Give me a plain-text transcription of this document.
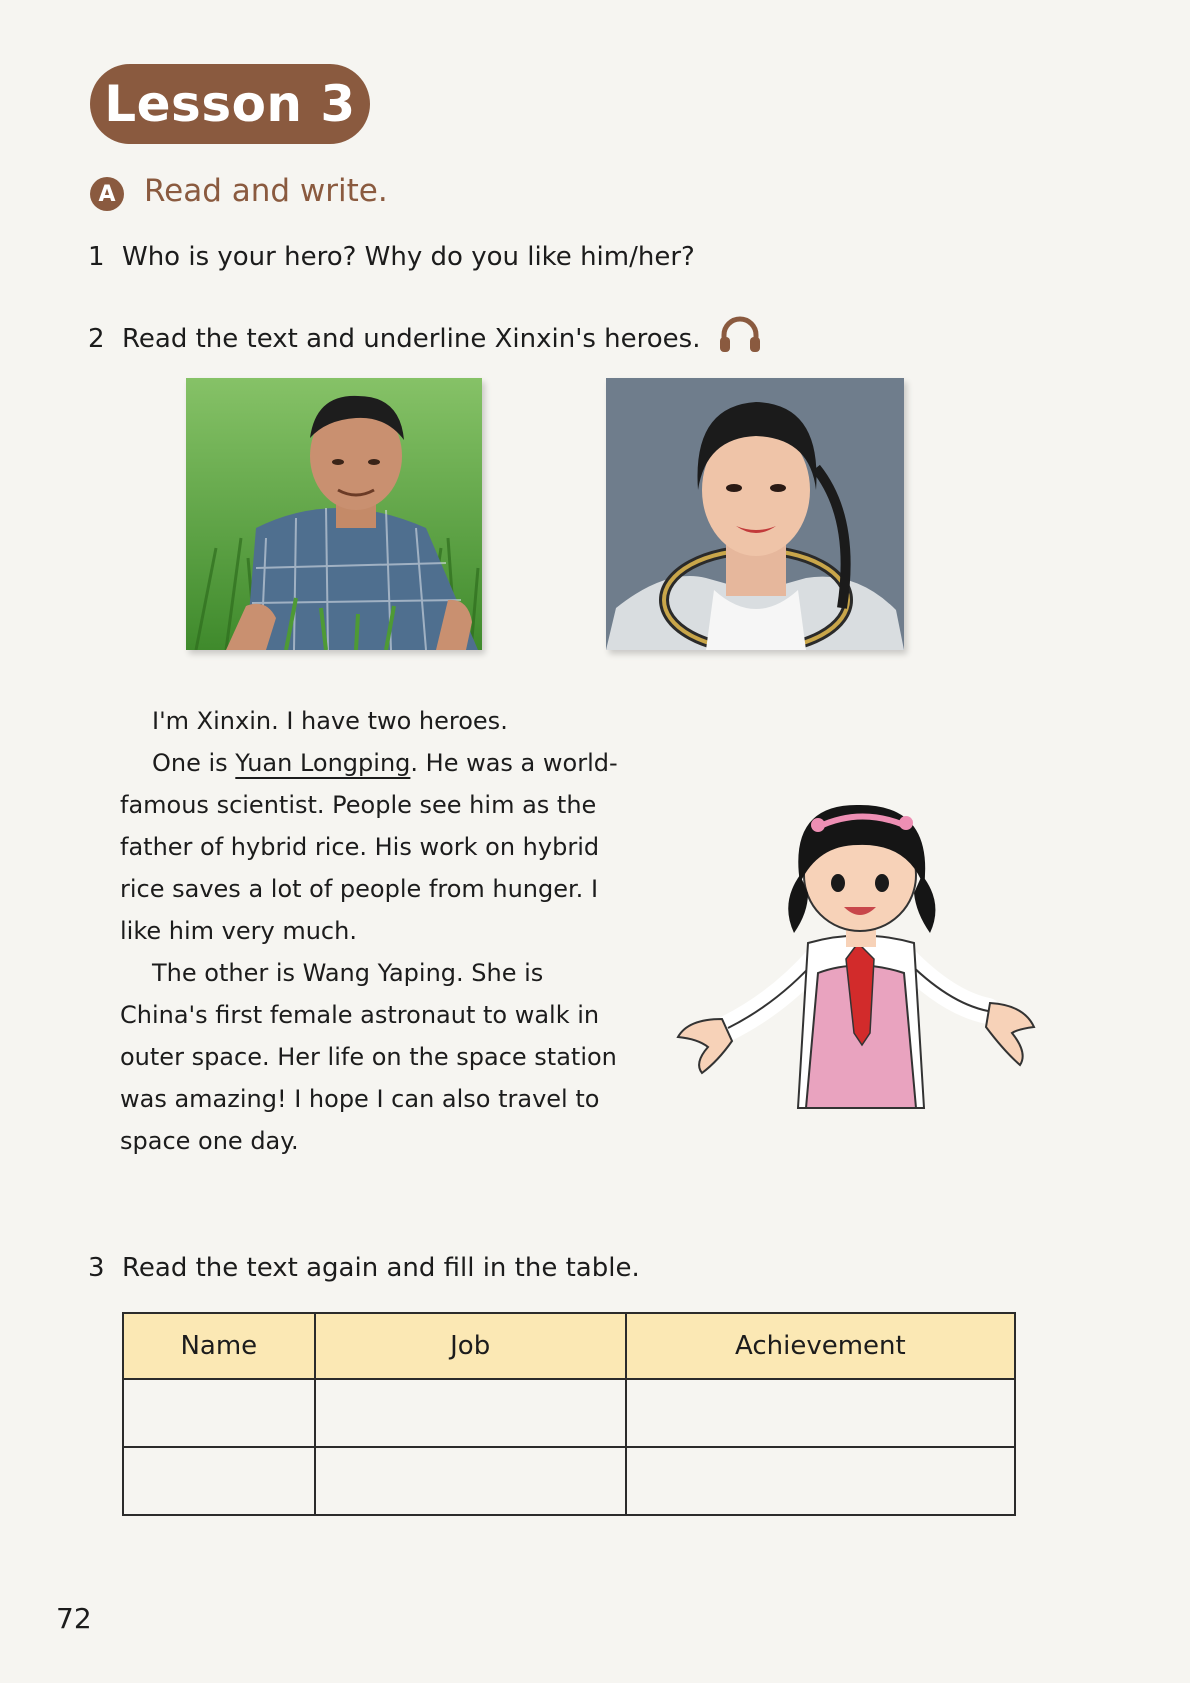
Lesson 3
A Read and write.
1 Who is your hero? Why do you like him/her?
2 Read the text and underline Xinxin's heroes.

I'm Xinxin. I have two heroes.

One is Yuan Longping. He was a world-famous scientist. People see him as the father of hybrid rice. His work on hybrid rice saves a lot of people from hunger. I like him very much.

The other is Wang Yaping. She is China's first female astronaut to walk in outer space. Her life on the space station was amazing! I hope I can also travel to space one day.

3 Read the text again and fill in the table.
Name	Job	Achievement

72
